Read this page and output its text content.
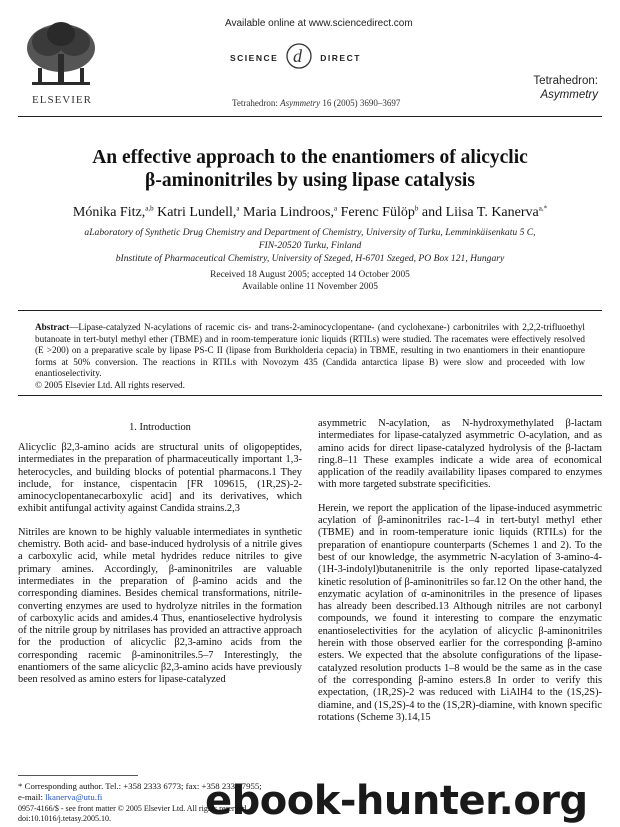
ELSEVIER
Available online at www.sciencedirect.com
SCIENCE d DIRECT
Tetrahedron:
Asymmetry
Tetrahedron: Asymmetry 16 (2005) 3690–3697
An effective approach to the enantiomers of alicyclic
β-aminonitriles by using lipase catalysis
Mónika Fitz,$^{a,b}$ Katri Lundell,$^a$ Maria Lindroos,$^a$ Ferenc Fülöp$^b$ and Liisa T. Kanerva$^{a,*}$
aLaboratory of Synthetic Drug Chemistry and Department of Chemistry, University of Turku, Lemminkäisenkatu 5 C,
FIN-20520 Turku, Finland
bInstitute of Pharmaceutical Chemistry, University of Szeged, H-6701 Szeged, PO Box 121, Hungary
Received 18 August 2005; accepted 14 October 2005
Available online 11 November 2005
Abstract—Lipase-catalyzed N-acylations of racemic cis- and trans-2-aminocyclopentane- (and cyclohexane-) carbonitriles with 2,2,2-trifluoethyl butanoate in tert-butyl methyl ether (TBME) and in room-temperature ionic liquids (RTILs) were studied. The racemates were effectively resolved (E >200) on a preparative scale by lipase PS-C II (lipase from Burkholderia cepacia) in TBME, resulting in two enantiomers in their enantiopure forms at 50% conversion. The reactions in RTILs with Novozym 435 (Candida antarctica lipase B) were slow and proceeded with low enantioselectivity.
© 2005 Elsevier Ltd. All rights reserved.
1. Introduction

Alicyclic β2,3-amino acids are structural units of oligopeptides, intermediates in the preparation of pharmaceutically important 1,3-heterocycles, and building blocks of potential pharmacons.1 They include, for instance, cispentacin [FR 109615, (1R,2S)-2-aminocyclopentanecarboxylic acid] and its derivatives, which exhibit antifungal activity against Candida strains.2,3

Nitriles are known to be highly valuable intermediates in synthetic chemistry. Both acid- and base-induced hydrolysis of a nitrile gives a carboxylic acid, while metal hydrides reduce nitriles to give primary amines. Accordingly, β-aminonitriles are valuable intermediates in the preparation of β-amino acids and the corresponding diamines. Besides chemical transformations, nitrile-converting enzymes are used to hydrolyze nitriles in the formation of carboxylic acids and amides.4 Thus, enantioselective hydrolysis of the nitrile group by nitrilases has provided an attractive approach for the production of alicyclic β2,3-amino acids from the corresponding racemic β-aminonitriles.5–7 Interestingly, the enantiomers of the same alicyclic β2,3-amino acids have previously been resolved as amino esters for lipase-catalyzed

asymmetric N-acylation, as N-hydroxymethylated β-lactam intermediates for lipase-catalyzed asymmetric O-acylation, and as amino acids for direct lipase-catalyzed hydrolysis of the β-lactam ring.8–11 These examples indicate a wide area of economical application of the readily availability lipases compared to enzymes with more targeted substrate specificities.

Herein, we report the application of the lipase-induced asymmetric acylation of β-aminonitriles rac-1–4 in tert-butyl methyl ether (TBME) and in room-temperature ionic liquids (RTILs) for the preparation of enantiopure counterparts (Schemes 1 and 2). To the best of our knowledge, the asymmetric N-acylation of 3-amino-4-(1H-3-indolyl)butanenitrile is the only reported lipase-catalyzed kinetic resolution of β-aminonitriles so far.12 On the other hand, the enzymatic acylation of α-aminonitriles in the presence of lipases has already been described.13 Although nitriles are not carbonyl compounds, we found it interesting to compare the enzymatic enantioselectivities for the acylation of alicyclic β-aminonitriles herein with those observed earlier for the corresponding β-amino esters. We expected that the absolute configurations of the lipase-catalyzed resolution products 1–8 would be the same as in the case of the corresponding β-amino esters.8 In order to verify this expectation, (1R,2S)-2 was reduced with LiAlH4 to the (1S,2S)-diamine, and (1S,2S)-4 to the (1S,2R)-diamine, with known specific rotations (Scheme 3).14,15

* Corresponding author. Tel.: +358 2333 6773; fax: +358 2333 7955;
e-mail: lkanerva@utu.fi	ebook-hunter.org
0957-4166/$ - see front matter © 2005 Elsevier Ltd. All rights reserved.
doi:10.1016/j.tetasy.2005.10.
